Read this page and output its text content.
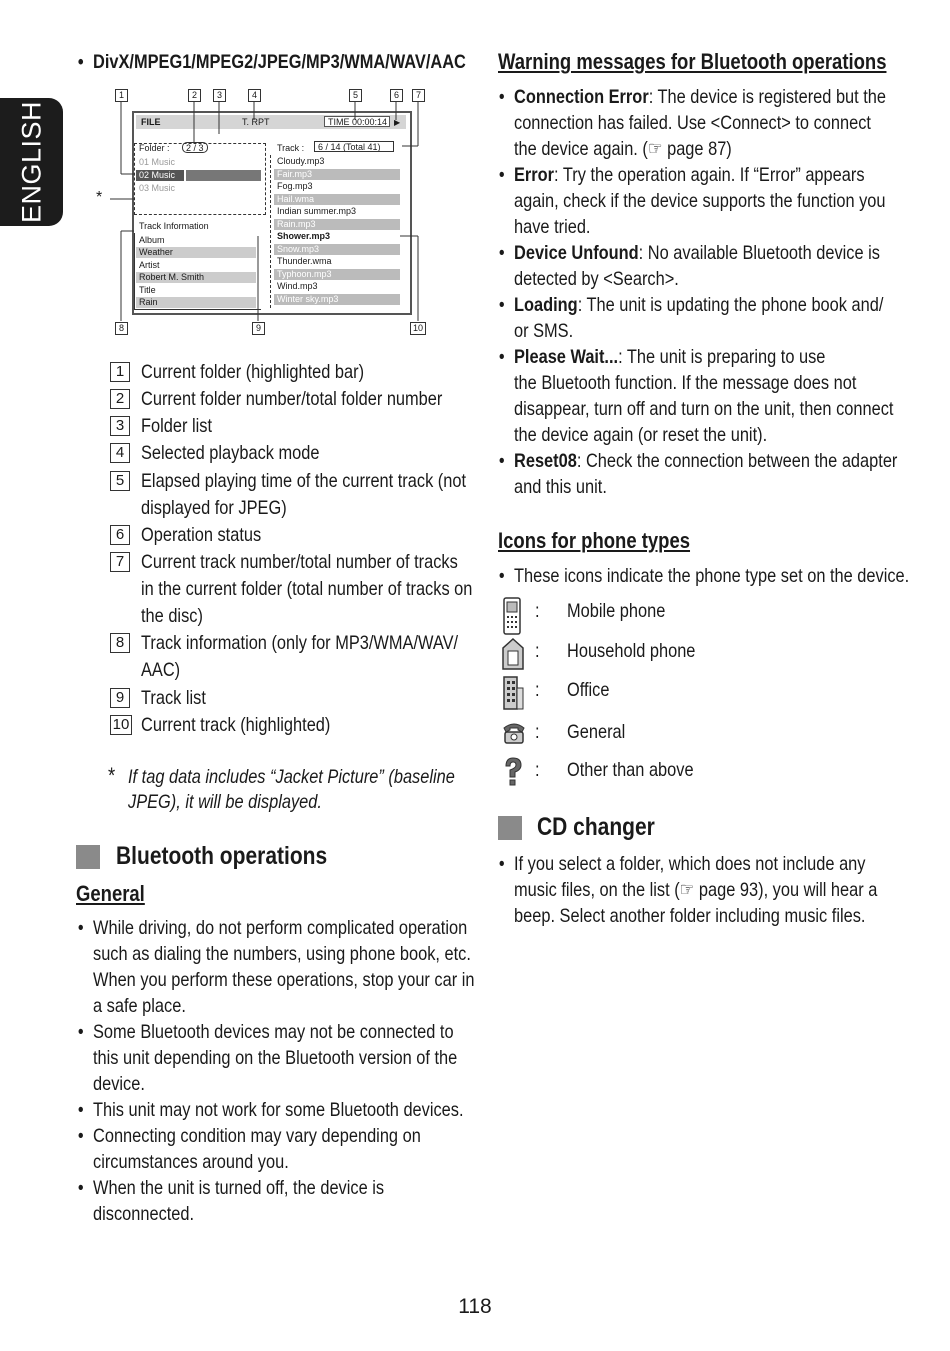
ENGLISH
• DivX/MPEG1/MPEG2/JPEG/MP3/WMA/WAV/AAC
1	2	3	4	5	6	7
FILE	T. RPT	TIME 00:00:14 ▶
Folder :	2 / 3
01 Music
02 Music
03 Music
Track Information
Album
Weather
Artist
Robert M. Smith
Title
Rain
Track :	6 / 14 (Total 41)
Cloudy.mp3
Fair.mp3
Fog.mp3
Hail.wma
Indian summer.mp3
Rain.mp3
Shower.mp3
Snow.mp3
Thunder.wma
Typhoon.mp3
Wind.mp3
Winter sky.mp3
*
8	9	10
1 Current folder (highlighted bar)
2 Current folder number/total folder number
3 Folder list
4 Selected playback mode
5 Elapsed playing time of the current track (not
displayed for JPEG)
6 Operation status
7 Current track number/total number of tracks
in the current folder (total number of tracks on
the disc)
8 Track information (only for MP3/WMA/WAV/
AAC)
9 Track list
10 Current track (highlighted)
* If tag data includes “Jacket Picture” (baseline
JPEG), it will be displayed.
Bluetooth operations
General
• While driving, do not perform complicated operation
such as dialing the numbers, using phone book, etc.
When you perform these operations, stop your car in
a safe place.
• Some Bluetooth devices may not be connected to
this unit depending on the Bluetooth version of the
device.
• This unit may not work for some Bluetooth devices.
• Connecting condition may vary depending on
circumstances around you.
• When the unit is turned off, the device is
disconnected.
Warning messages for Bluetooth operations
• Connection Error: The device is registered but the
connection has failed. Use <Connect> to connect
the device again. (☞ page 87)
• Error: Try the operation again. If “Error” appears
again, check if the device supports the function you
have tried.
• Device Unfound: No available Bluetooth device is
detected by <Search>.
• Loading: The unit is updating the phone book and/
or SMS.
• Please Wait...: The unit is preparing to use
the Bluetooth function. If the message does not
disappear, turn off and turn on the unit, then connect
the device again (or reset the unit).
• Reset08: Check the connection between the adapter
and this unit.
Icons for phone types
• These icons indicate the phone type set on the device.
: Mobile phone
: Household phone
: Office
: General
: Other than above
CD changer
• If you select a folder, which does not include any
music files, on the list (☞ page 93), you will hear a
beep. Select another folder including music files.
118
